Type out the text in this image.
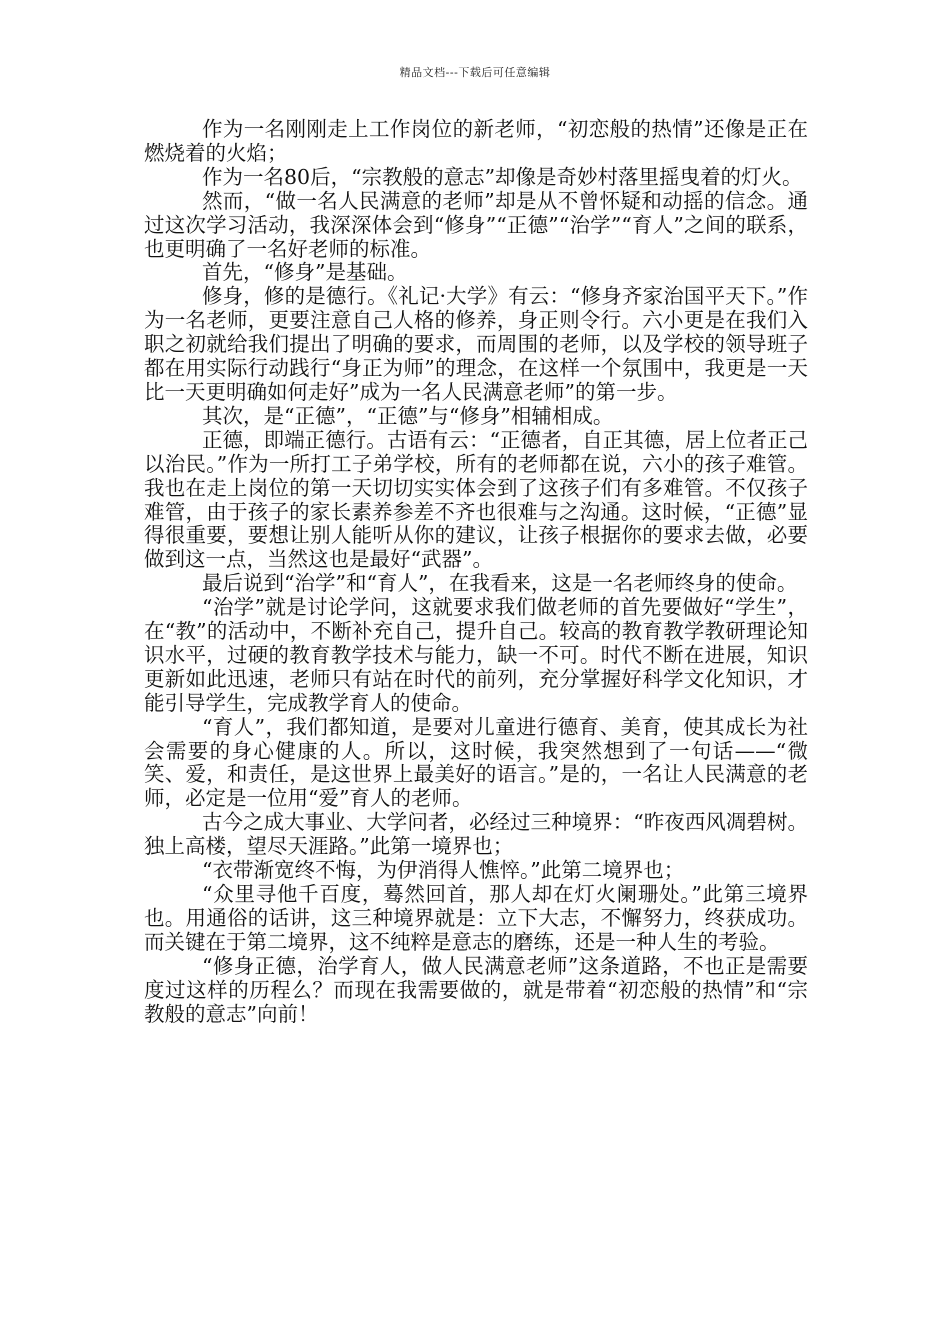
精品文档---下载后可任意编辑

作为一名刚刚走上工作岗位的新老师，“初恋般的热情”还像是正在燃烧着的火焰；

作为一名80后，“宗教般的意志”却像是奇妙村落里摇曳着的灯火。

然而，“做一名人民满意的老师”却是从不曾怀疑和动摇的信念。通过这次学习活动，我深深体会到“修身”“正德”“治学”“育人”之间的联系，也更明确了一名好老师的标准。

首先，“修身”是基础。

修身，修的是德行。《礼记·大学》有云：“修身齐家治国平天下。”作为一名老师，更要注意自己人格的修养，身正则令行。六小更是在我们入职之初就给我们提出了明确的要求，而周围的老师，以及学校的领导班子都在用实际行动践行“身正为师”的理念，在这样一个氛围中，我更是一天比一天更明确如何走好”成为一名人民满意老师”的第一步。

其次，是“正德”，“正德”与“修身”相辅相成。

正德，即端正德行。古语有云：“正德者，自正其德，居上位者正己以治民。”作为一所打工子弟学校，所有的老师都在说，六小的孩子难管。我也在走上岗位的第一天切切实实体会到了这孩子们有多难管。不仅孩子难管，由于孩子的家长素养参差不齐也很难与之沟通。这时候，“正德”显得很重要，要想让别人能听从你的建议，让孩子根据你的要求去做，必要做到这一点，当然这也是最好“武器”。

最后说到“治学”和“育人”，在我看来，这是一名老师终身的使命。

“治学”就是讨论学问，这就要求我们做老师的首先要做好“学生”，在“教”的活动中，不断补充自己，提升自己。较高的教育教学教研理论知识水平，过硬的教育教学技术与能力，缺一不可。时代不断在进展，知识更新如此迅速，老师只有站在时代的前列，充分掌握好科学文化知识，才能引导学生，完成教学育人的使命。

“育人”，我们都知道，是要对儿童进行德育、美育，使其成长为社会需要的身心健康的人。所以，这时候，我突然想到了一句话——“微笑、爱，和责任，是这世界上最美好的语言。”是的，一名让人民满意的老师，必定是一位用“爱”育人的老师。

古今之成大事业、大学问者，必经过三种境界：“昨夜西风凋碧树。独上高楼，望尽天涯路。”此第一境界也；

“衣带渐宽终不悔，为伊消得人憔悴。”此第二境界也；

“众里寻他千百度，蓦然回首，那人却在灯火阑珊处。”此第三境界也。用通俗的话讲，这三种境界就是：立下大志，不懈努力，终获成功。而关键在于第二境界，这不纯粹是意志的磨练，还是一种人生的考验。

“修身正德，治学育人，做人民满意老师”这条道路，不也正是需要度过这样的历程么？而现在我需要做的，就是带着“初恋般的热情”和“宗教般的意志”向前！
